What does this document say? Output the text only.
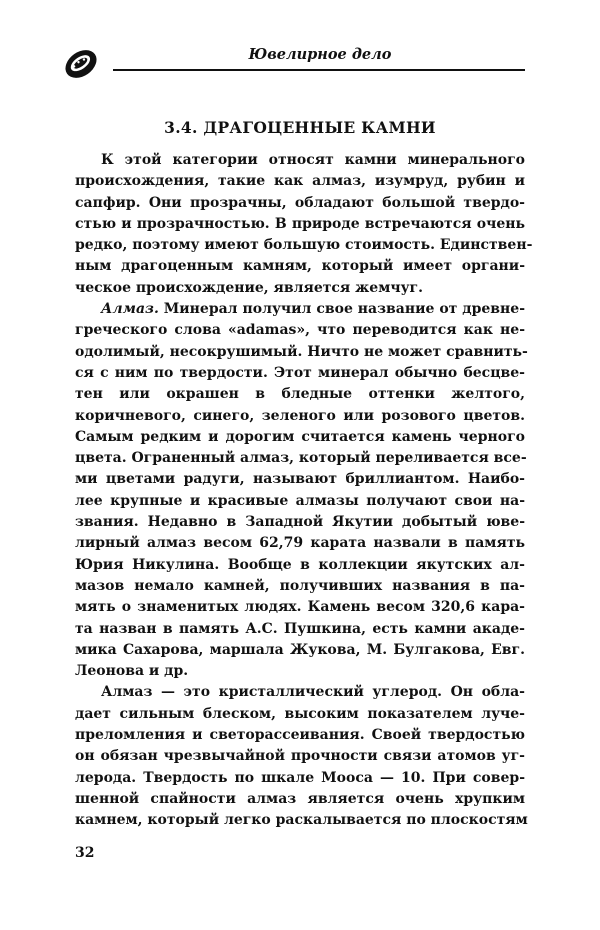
Ювелирное дело
3.4. ДРАГОЦЕННЫЕ КАМНИ
К этой категории относят камни минерального
происхождения, такие как алмаз, изумруд, рубин и
сапфир. Они прозрачны, обладают большой твердо-
стью и прозрачностью. В природе встречаются очень
редко, поэтому имеют большую стоимость. Единствен-
ным драгоценным камням, который имеет органи-
ческое происхождение, является жемчуг.
Алмаз. Минерал получил свое название от древне-
греческого слова «adamas», что переводится как не-
одолимый, несокрушимый. Ничто не может сравнить-
ся с ним по твердости. Этот минерал обычно бесцве-
тен или окрашен в бледные оттенки желтого,
коричневого, синего, зеленого или розового цветов.
Самым редким и дорогим считается камень черного
цвета. Ограненный алмаз, который переливается все-
ми цветами радуги, называют бриллиантом. Наибо-
лее крупные и красивые алмазы получают свои на-
звания. Недавно в Западной Якутии добытый юве-
лирный алмаз весом 62,79 карата назвали в память
Юрия Никулина. Вообще в коллекции якутских ал-
мазов немало камней, получивших названия в па-
мять о знаменитых людях. Камень весом 320,6 кара-
та назван в память А.С. Пушкина, есть камни акаде-
мика Сахарова, маршала Жукова, М. Булгакова, Евг.
Леонова и др.
Алмаз — это кристаллический углерод. Он обла-
дает сильным блеском, высоким показателем луче-
преломления и светорассеивания. Своей твердостью
он обязан чрезвычайной прочности связи атомов уг-
лерода. Твердость по шкале Мооса — 10. При совер-
шенной спайности алмаз является очень хрупким
камнем, который легко раскалывается по плоскостям
32
